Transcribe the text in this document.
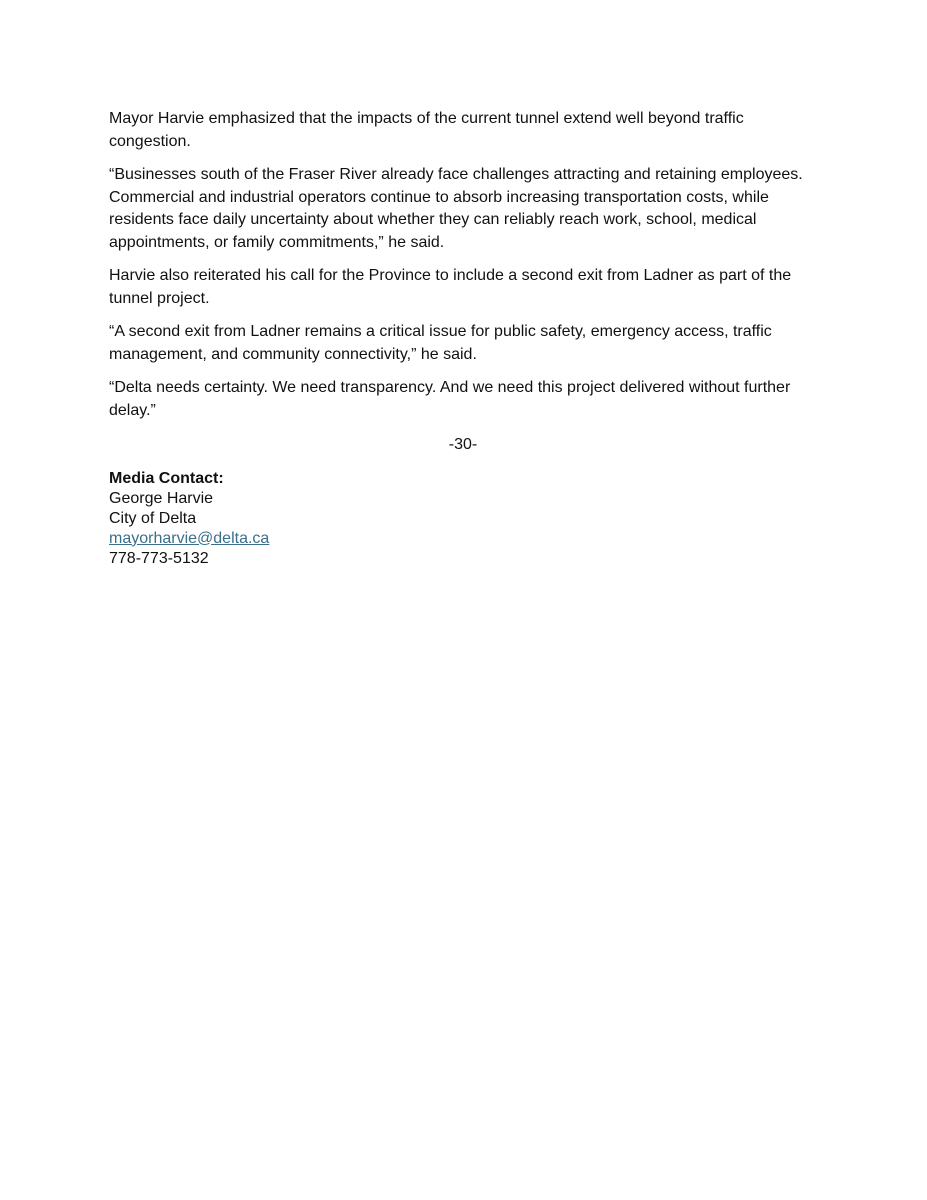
Mayor Harvie emphasized that the impacts of the current tunnel extend well beyond traffic
congestion.

“Businesses south of the Fraser River already face challenges attracting and retaining employees.
Commercial and industrial operators continue to absorb increasing transportation costs, while
residents face daily uncertainty about whether they can reliably reach work, school, medical
appointments, or family commitments,” he said.

Harvie also reiterated his call for the Province to include a second exit from Ladner as part of the
tunnel project.

“A second exit from Ladner remains a critical issue for public safety, emergency access, traffic
management, and community connectivity,” he said.

“Delta needs certainty. We need transparency. And we need this project delivered without further
delay.”

-30-
Media Contact:
George Harvie
City of Delta
mayorharvie@delta.ca
778-773-5132
